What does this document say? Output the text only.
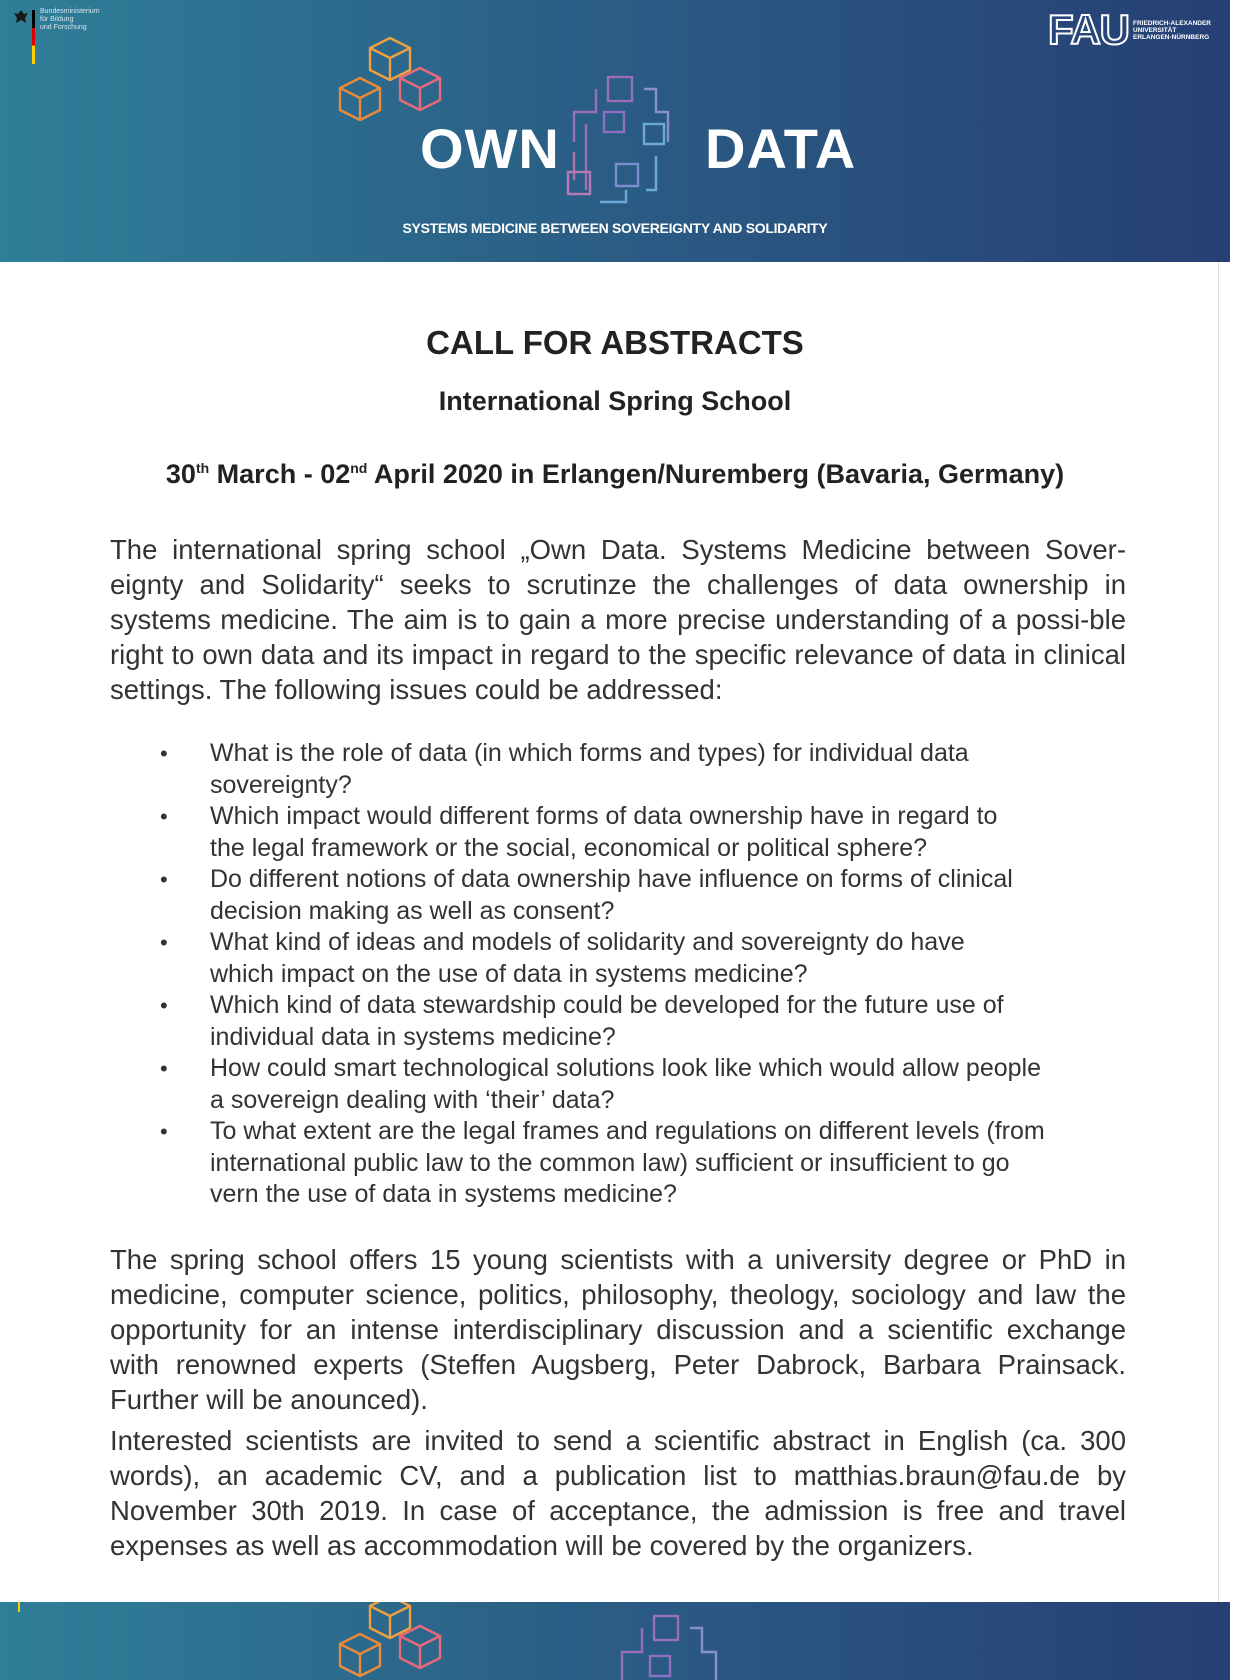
Bundesministerium
für Bildung
und Forschung	FAU FRIEDRICH-ALEXANDER
UNIVERSITÄT
ERLANGEN-NÜRNBERG
OWN	DATA
SYSTEMS MEDICINE BETWEEN SOVEREIGNTY AND SOLIDARITY
CALL FOR ABSTRACTS
International Spring School
30th March - 02nd April 2020 in Erlangen/Nuremberg (Bavaria, Germany)

The international spring school „Own Data. Systems Medicine between Sover-eignty and Solidarity“ seeks to scrutinze the challenges of data ownership in systems medicine. The aim is to gain a more precise understanding of a possi-ble right to own data and its impact in regard to the specific relevance of data in clinical settings. The following issues could be addressed:

• What is the role of data (in which forms and types) for individual data
sovereignty?
• Which impact would different forms of data ownership have in regard to
the legal framework or the social, economical or political sphere?
• Do different notions of data ownership have influence on forms of clinical
decision making as well as consent?
• What kind of ideas and models of solidarity and sovereignty do have
which impact on the use of data in systems medicine?
• Which kind of data stewardship could be developed for the future use of
individual data in systems medicine?
• How could smart technological solutions look like which would allow people
a sovereign dealing with ‘their’ data?
• To what extent are the legal frames and regulations on different levels (from
international public law to the common law) sufficient or insufficient to go
vern the use of data in systems medicine?

The spring school offers 15 young scientists with a university degree or PhD in medicine, computer science, politics, philosophy, theology, sociology and law the opportunity for an intense interdisciplinary discussion and a scientific exchange with renowned experts (Steffen Augsberg, Peter Dabrock, Barbara Prainsack. Further will be anounced).

Interested scientists are invited to send a scientific abstract in English (ca. 300 words), an academic CV, and a publication list to matthias.braun@fau.de by November 30th 2019. In case of acceptance, the admission is free and travel expenses as well as accommodation will be covered by the organizers.
